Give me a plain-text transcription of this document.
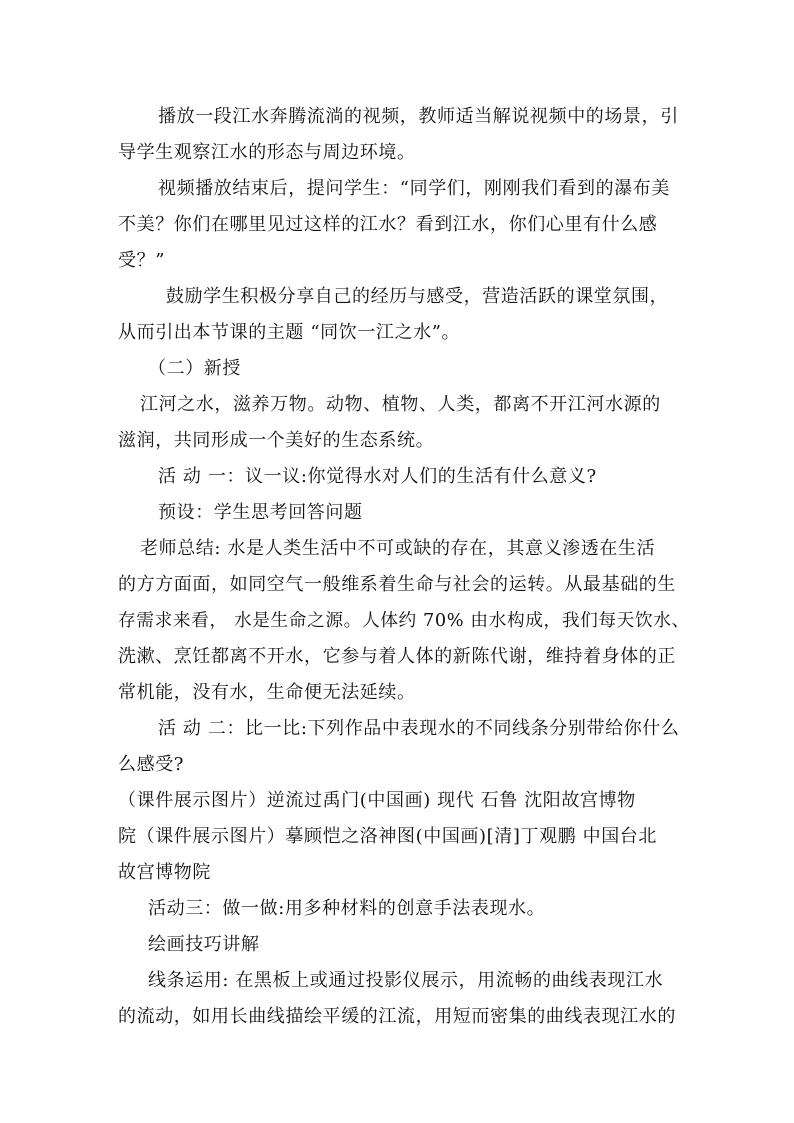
播放一段江水奔腾流淌的视频，教师适当解说视频中的场景，引
导学生观察江水的形态与周边环境。
视频播放结束后，提问学生：“同学们，刚刚我们看到的瀑布美
不美？你们在哪里见过这样的江水？看到江水，你们心里有什么感
受？”
鼓励学生积极分享自己的经历与感受，营造活跃的课堂氛围，
从而引出本节课的主题 “同饮一江之水”。
（二）新授
江河之水，滋养万物。动物、植物、人类，都离不开江河水源的
滋润，共同形成一个美好的生态系统。
活 动 一：议一议:你觉得水对人们的生活有什么意义?
预设：学生思考回答问题
老师总结: 水是人类生活中不可或缺的存在，其意义渗透在生活
的方方面面，如同空气一般维系着生命与社会的运转。从最基础的生
存需求来看， 水是生命之源。人体约 70% 由水构成，我们每天饮水、
洗漱、烹饪都离不开水，它参与着人体的新陈代谢，维持着身体的正
常机能，没有水，生命便无法延续。
活 动 二：比一比:下列作品中表现水的不同线条分别带给你什么
么感受?
（课件展示图片）逆流过禹门(中国画) 现代 石鲁 沈阳故宫博物
院（课件展示图片）摹顾恺之洛神图(中国画)[清]丁观鹏 中国台北
故宫博物院
活动三：做一做:用多种材料的创意手法表现水。
绘画技巧讲解
线条运用: 在黑板上或通过投影仪展示，用流畅的曲线表现江水
的流动，如用长曲线描绘平缓的江流，用短而密集的曲线表现江水的
